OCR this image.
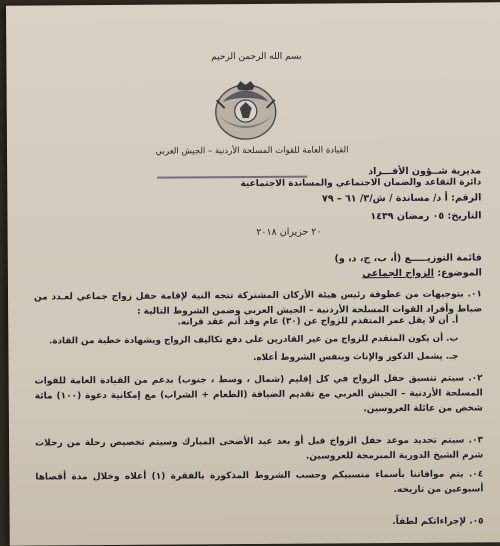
بسم الله الرحمن الرحيم
القيادة العامة للقوات المسلحة الأردنية – الجيش العربي
مديرية شــؤون الأفـــراد
دائرة التقاعد والضمان الاجتماعي والمساندة الاجتماعية
الرقم: أ د/ مساندة / ش/٣/ ٦١ – ٧٩
التاريخ: ٠٥ رمضان ١٤٣٩
٢٠ حزيران ٢٠١٨
قائمة التوزيـــــع (أ، ب، ج، د، و)
الموضوع: الزواج الجماعي
٠١. بتوجيهات من عطوفة رئيس هيئة الأركان المشتركة تتجه النية لإقامة حفل زواج جماعي لعـدد من ضباط وأفراد القوات المسلحة الأردنية – الجيش العربي وضمن الشروط التالية :
أ. أن لا يقل عمر المتقدم للزواج عن (٣٠) عام وقد أتم عقد قرانه.
ب. أن يكون المتقدم للزواج من غير القادرين على دفع تكاليف الزواج وبشهادة خطية من القادة.
جـ. يشمل الذكور والإناث وبنفس الشروط أعلاه.
٠٢. سيتم تنسيق حفل الزواج في كل إقليم (شمال ، وسط ، جنوب) بدعم من القيادة العامة للقوات المسلحة الأردنية – الجيش العربي مع تقديم الضيافة (الطعام + الشراب) مع إمكانية دعوة (١٠٠) مائة شخص من عائلة العروسين.
٠٣. سيتم تحديد موعد حفل الزواج قبل أو بعد عيد الأضحى المبارك وسيتم تخصيص رحلة من رحلات شرم الشيخ الدورية المبرمجة للعروسين.
٠٤. يتم موافاتنا بأسماء منسبيكم وحسب الشروط المذكورة بالفقرة (١) أعلاه وخلال مدة أقصاها أسبوعين من تاريخه.
٠٥. لإجراءاتكم لطفاً.
